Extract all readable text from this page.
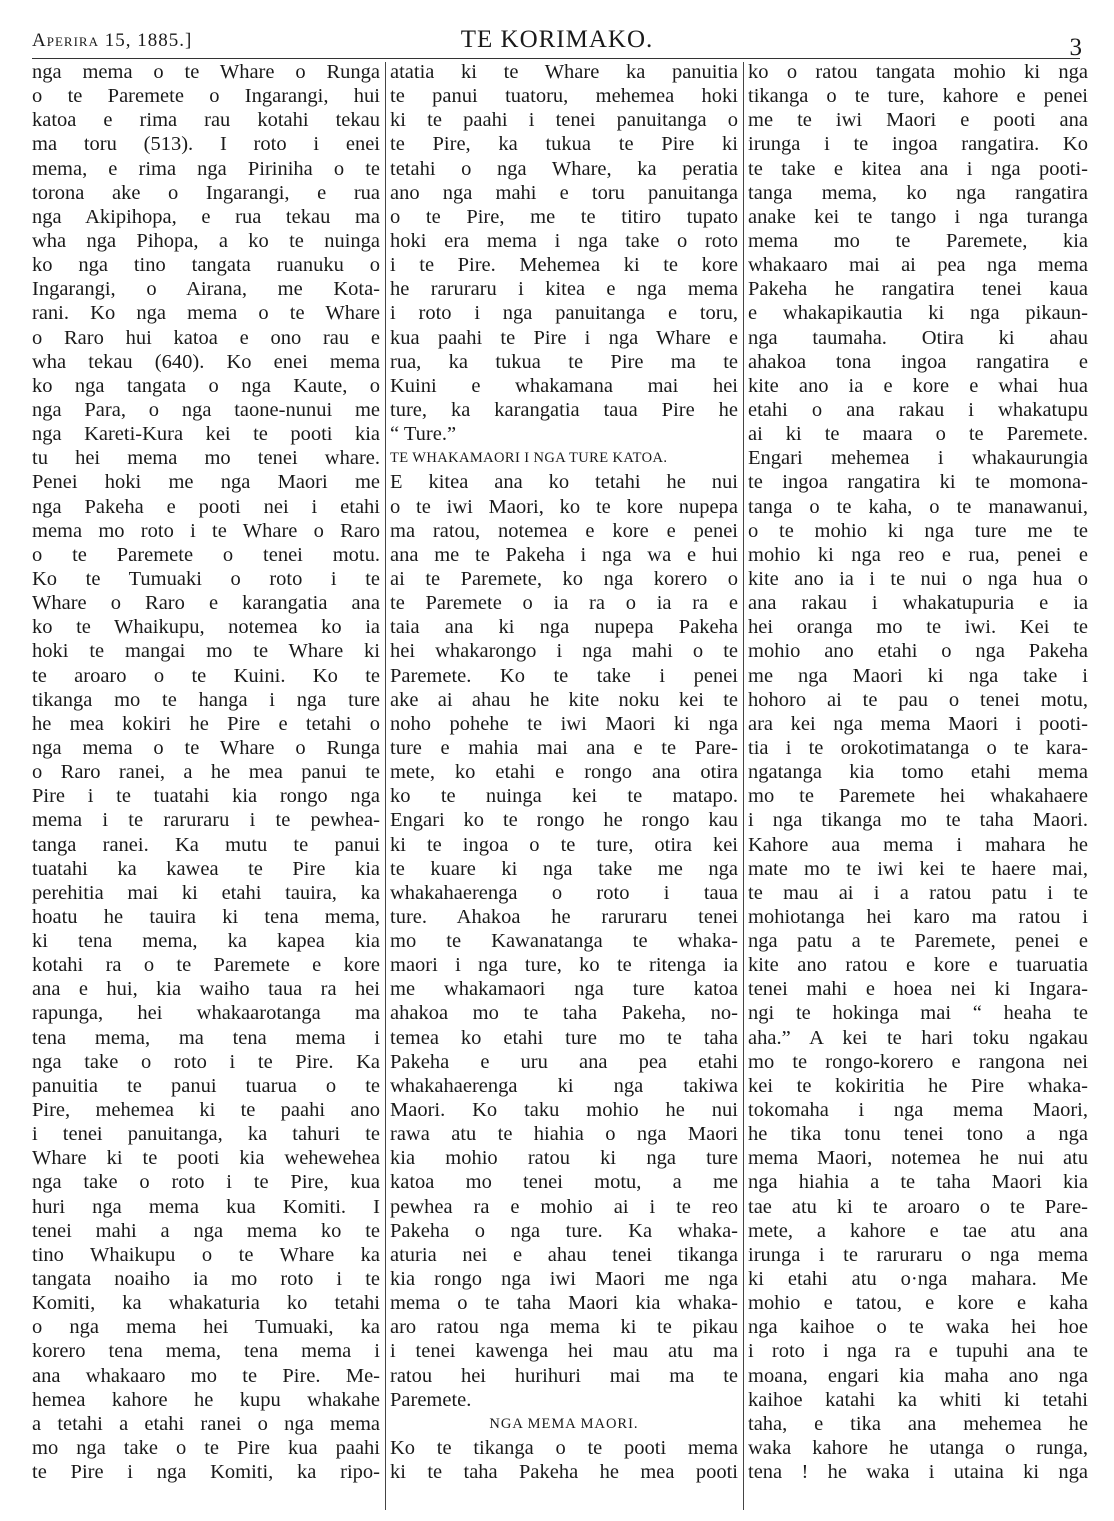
Aperira 15, 1885.]	TE KORIMAKO.	3
nga mema o te Whare o Runga
o te Paremete o Ingarangi, hui
katoa e rima rau kotahi tekau
ma toru (513). I roto i enei
mema, e rima nga Piriniha o te
torona ake o Ingarangi, e rua
nga Akipihopa, e rua tekau ma
wha nga Pihopa, a ko te nuinga
ko nga tino tangata ruanuku o
Ingarangi, o Airana, me Kota-
rani. Ko nga mema o te Whare
o Raro hui katoa e ono rau e
wha tekau (640). Ko enei mema
ko nga tangata o nga Kaute, o
nga Para, o nga taone-nunui me
nga Kareti-Kura kei te pooti kia
tu hei mema mo tenei whare.
Penei hoki me nga Maori me
nga Pakeha e pooti nei i etahi
mema mo roto i te Whare o Raro
o te Paremete o tenei motu.
Ko te Tumuaki o roto i te
Whare o Raro e karangatia ana
ko te Whaikupu, notemea ko ia
hoki te mangai mo te Whare ki
te aroaro o te Kuini. Ko te
tikanga mo te hanga i nga ture
he mea kokiri he Pire e tetahi o
nga mema o te Whare o Runga
o Raro ranei, a he mea panui te
Pire i te tuatahi kia rongo nga
mema i te raruraru i te pewhea-
tanga ranei. Ka mutu te panui
tuatahi ka kawea te Pire kia
perehitia mai ki etahi tauira, ka
hoatu he tauira ki tena mema,
ki tena mema, ka kapea kia
kotahi ra o te Paremete e kore
ana e hui, kia waiho taua ra hei
rapunga, hei whakaarotanga ma
tena mema, ma tena mema i
nga take o roto i te Pire. Ka
panuitia te panui tuarua o te
Pire, mehemea ki te paahi ano
i tenei panuitanga, ka tahuri te
Whare ki te pooti kia wehewehea
nga take o roto i te Pire, kua
huri nga mema kua Komiti. I
tenei mahi a nga mema ko te
tino Whaikupu o te Whare ka
tangata noaiho ia mo roto i te
Komiti, ka whakaturia ko tetahi
o nga mema hei Tumuaki, ka
korero tena mema, tena mema i
ana whakaaro mo te Pire. Me-
hemea kahore he kupu whakahe
a tetahi a etahi ranei o nga mema
mo nga take o te Pire kua paahi
te Pire i nga Komiti, ka ripo-
atatia ki te Whare ka panuitia
te panui tuatoru, mehemea hoki
ki te paahi i tenei panuitanga o
te Pire, ka tukua te Pire ki
tetahi o nga Whare, ka peratia
ano nga mahi e toru panuitanga
o te Pire, me te titiro tupato
hoki era mema i nga take o roto
i te Pire. Mehemea ki te kore
he raruraru i kitea e nga mema
i roto i nga panuitanga e toru,
kua paahi te Pire i nga Whare e
rua, ka tukua te Pire ma te
Kuini e whakamana mai hei
ture, ka karangatia taua Pire he
“ Ture.”
TE WHAKAMAORI I NGA TURE KATOA.
E kitea ana ko tetahi he nui
o te iwi Maori, ko te kore nupepa
ma ratou, notemea e kore e penei
ana me te Pakeha i nga wa e hui
ai te Paremete, ko nga korero o
te Paremete o ia ra o ia ra e
taia ana ki nga nupepa Pakeha
hei whakarongo i nga mahi o te
Paremete. Ko te take i penei
ake ai ahau he kite noku kei te
noho pohehe te iwi Maori ki nga
ture e mahia mai ana e te Pare-
mete, ko etahi e rongo ana otira
ko te nuinga kei te matapo.
Engari ko te rongo he rongo kau
ki te ingoa o te ture, otira kei
te kuare ki nga take me nga
whakahaerenga o roto i taua
ture. Ahakoa he raruraru tenei
mo te Kawanatanga te whaka-
maori i nga ture, ko te ritenga ia
me whakamaori nga ture katoa
ahakoa mo te taha Pakeha, no-
temea ko etahi ture mo te taha
Pakeha e uru ana pea etahi
whakahaerenga ki nga takiwa
Maori. Ko taku mohio he nui
rawa atu te hiahia o nga Maori
kia mohio ratou ki nga ture
katoa mo tenei motu, a me
pewhea ra e mohio ai i te reo
Pakeha o nga ture. Ka whaka-
aturia nei e ahau tenei tikanga
kia rongo nga iwi Maori me nga
mema o te taha Maori kia whaka-
aro ratou nga mema ki te pikau
i tenei kawenga hei mau atu ma
ratou hei hurihuri mai ma te
Paremete.
NGA MEMA MAORI.
Ko te tikanga o te pooti mema
ki te taha Pakeha he mea pooti
ko o ratou tangata mohio ki nga
tikanga o te ture, kahore e penei
me te iwi Maori e pooti ana
irunga i te ingoa rangatira. Ko
te take e kitea ana i nga pooti-
tanga mema, ko nga rangatira
anake kei te tango i nga turanga
mema mo te Paremete, kia
whakaaro mai ai pea nga mema
Pakeha he rangatira tenei kaua
e whakapikautia ki nga pikaun-
nga taumaha. Otira ki ahau
ahakoa tona ingoa rangatira e
kite ano ia e kore e whai hua
etahi o ana rakau i whakatupu
ai ki te maara o te Paremete.
Engari mehemea i whakaurungia
te ingoa rangatira ki te momona-
tanga o te kaha, o te manawanui,
o te mohio ki nga ture me te
mohio ki nga reo e rua, penei e
kite ano ia i te nui o nga hua o
ana rakau i whakatupuria e ia
hei oranga mo te iwi. Kei te
mohio ano etahi o nga Pakeha
me nga Maori ki nga take i
hohoro ai te pau o tenei motu,
ara kei nga mema Maori i pooti-
tia i te orokotimatanga o te kara-
ngatanga kia tomo etahi mema
mo te Paremete hei whakahaere
i nga tikanga mo te taha Maori.
Kahore aua mema i mahara he
mate mo te iwi kei te haere mai,
te mau ai i a ratou patu i te
mohiotanga hei karo ma ratou i
nga patu a te Paremete, penei e
kite ano ratou e kore e tuaruatia
tenei mahi e hoea nei ki Ingara-
ngi te hokinga mai “ heaha te
aha.” A kei te hari toku ngakau
mo te rongo-korero e rangona nei
kei te kokiritia he Pire whaka-
tokomaha i nga mema Maori,
he tika tonu tenei tono a nga
mema Maori, notemea he nui atu
nga hiahia a te taha Maori kia
tae atu ki te aroaro o te Pare-
mete, a kahore e tae atu ana
irunga i te raruraru o nga mema
ki etahi atu o·nga mahara. Me
mohio e tatou, e kore e kaha
nga kaihoe o te waka hei hoe
i roto i nga ra e tupuhi ana te
moana, engari kia maha ano nga
kaihoe katahi ka whiti ki tetahi
taha, e tika ana mehemea he
waka kahore he utanga o runga,
tena ! he waka i utaina ki nga
